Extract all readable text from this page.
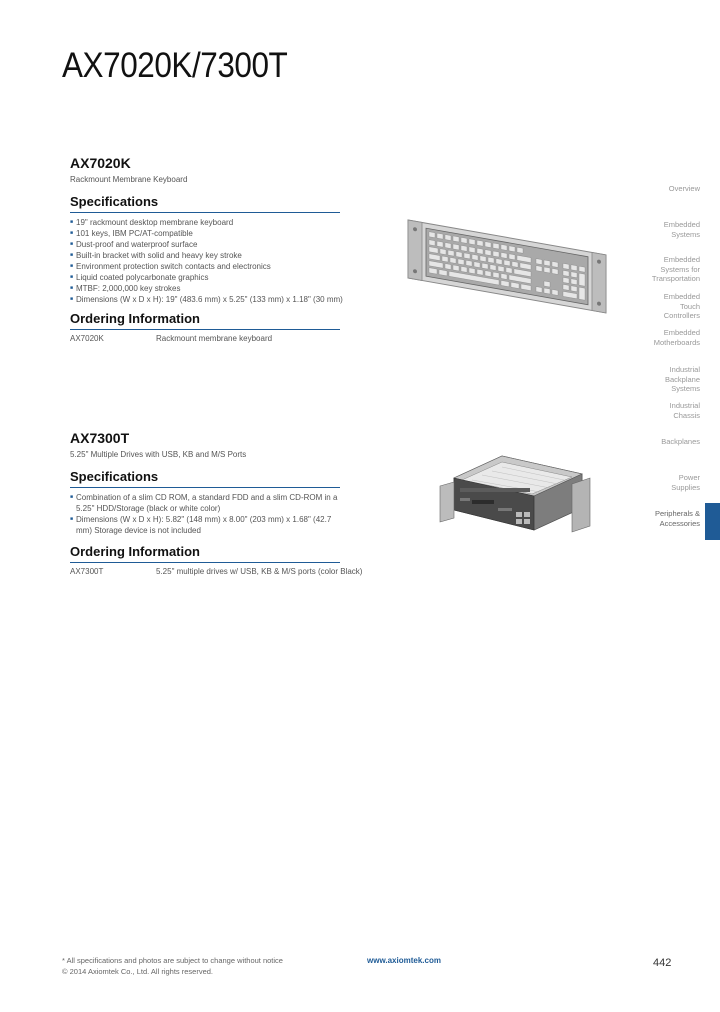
AX7020K/7300T
AX7020K
Rackmount Membrane Keyboard
Specifications
■ 19" rackmount desktop membrane keyboard
■ 101 keys, IBM PC/AT-compatible
■ Dust-proof and waterproof surface
■ Built-in bracket with solid and heavy key stroke
■ Environment protection switch contacts and electronics
■ Liquid coated polycarbonate graphics
■ MTBF: 2,000,000 key strokes
■ Dimensions (W x D x H): 19" (483.6 mm) x 5.25" (133 mm) x 1.18" (30 mm)
Ordering Information
AX7020K	Rackmount membrane keyboard
AX7300T
5.25" Multiple Drives with USB, KB and M/S Ports
Specifications
■ Combination of a slim CD ROM, a standard FDD and a slim CD-ROM in a 5.25" HDD/Storage (black or white color)
■ Dimensions (W x D x H): 5.82" (148 mm) x 8.00" (203 mm) x 1.68" (42.7 mm) Storage device is not included
Ordering Information
AX7300T	5.25" multiple drives w/ USB, KB & M/S ports (color Black)
Overview
Embedded
Systems
Embedded
Systems for
Transportation
Embedded
Touch
Controllers
Embedded
Motherboards
Industrial
Backplane
Systems
Industrial
Chassis
Backplanes
Power
Supplies
Peripherals &
Accessories
* All specifications and photos are subject to change without notice
© 2014 Axiomtek Co., Ltd. All rights reserved.
www.axiomtek.com	442
